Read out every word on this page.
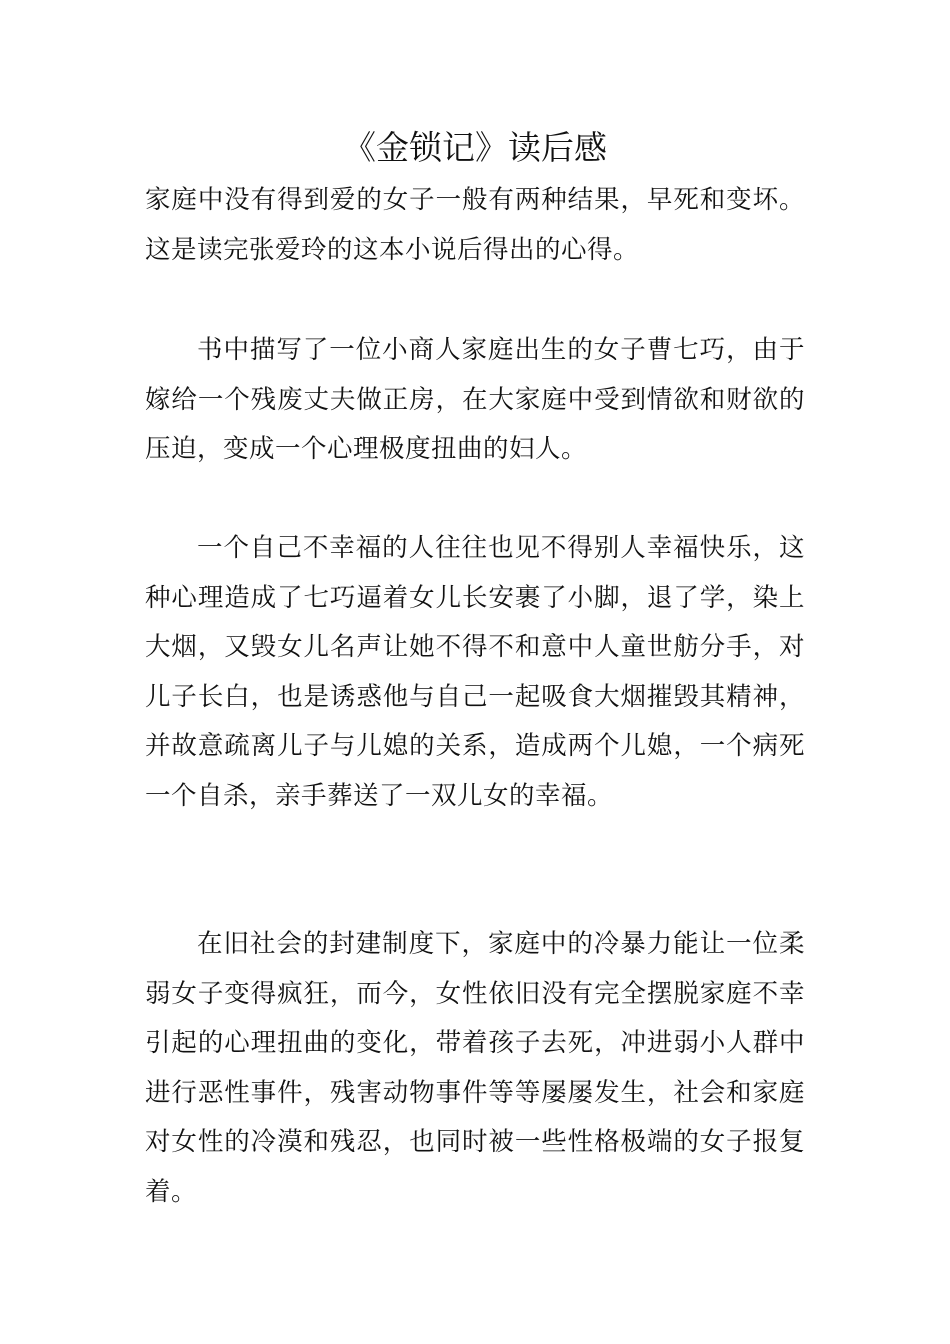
《金锁记》读后感

家庭中没有得到爱的女子一般有两种结果，早死和变坏。这是读完张爱玲的这本小说后得出的心得。

书中描写了一位小商人家庭出生的女子曹七巧，由于嫁给一个残废丈夫做正房，在大家庭中受到情欲和财欲的压迫，变成一个心理极度扭曲的妇人。

一个自己不幸福的人往往也见不得别人幸福快乐，这种心理造成了七巧逼着女儿长安裹了小脚，退了学，染上大烟，又毁女儿名声让她不得不和意中人童世舫分手，对儿子长白，也是诱惑他与自己一起吸食大烟摧毁其精神，并故意疏离儿子与儿媳的关系，造成两个儿媳，一个病死一个自杀，亲手葬送了一双儿女的幸福。

在旧社会的封建制度下，家庭中的冷暴力能让一位柔弱女子变得疯狂，而今，女性依旧没有完全摆脱家庭不幸引起的心理扭曲的变化，带着孩子去死，冲进弱小人群中进行恶性事件，残害动物事件等等屡屡发生，社会和家庭对女性的冷漠和残忍，也同时被一些性格极端的女子报复着。
